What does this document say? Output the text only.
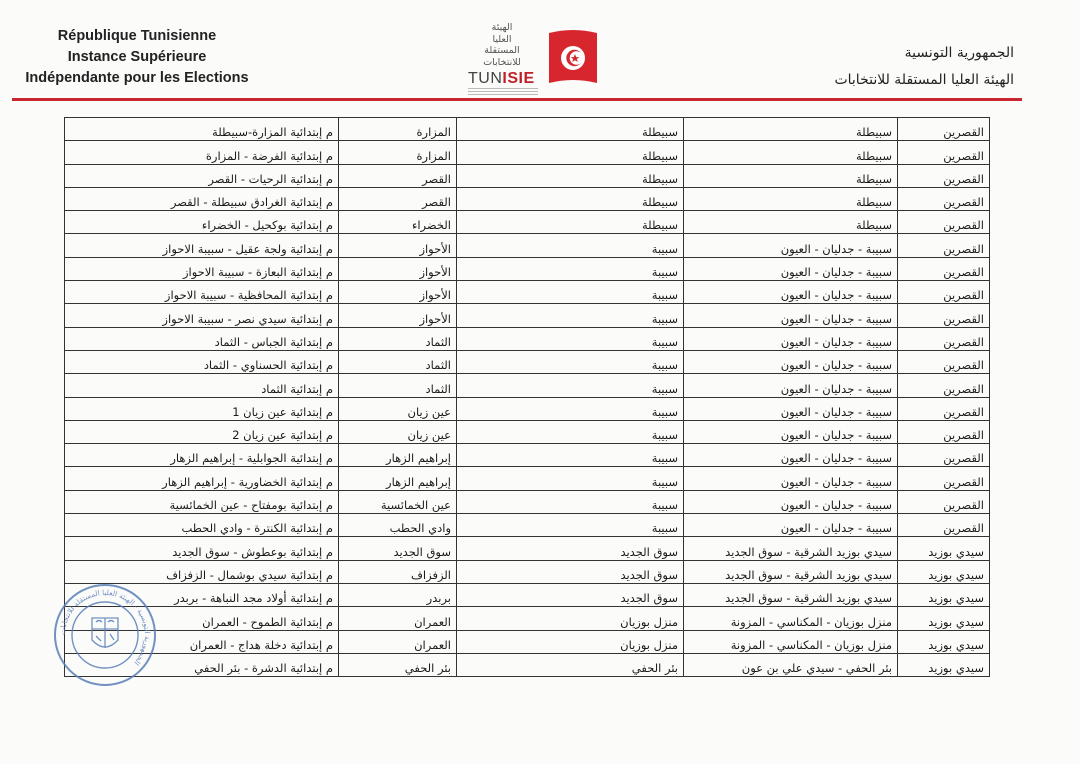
République Tunisienne
Instance Supérieure
Indépendante pour les Elections
الهيئة
العليا
المستقلة
للانتخابات
TUNISIE
الجمهورية التونسية
الهيئة العليا المستقلة للانتخابات
القصرين	سبيطلة	سبيطلة	المزارة	م إبتدائية المزارة-سبيطلة
القصرين	سبيطلة	سبيطلة	المزارة	م إبتدائية الفرضة - المزارة
القصرين	سبيطلة	سبيطلة	القصر	م إبتدائية الرحيات - القصر
القصرين	سبيطلة	سبيطلة	القصر	م إبتدائية الغرادق سبيطلة - القصر
القصرين	سبيطلة	سبيطلة	الخضراء	م إبتدائية بوكحيل - الخضراء
القصرين	سبيبة - جدليان - العيون	سبيبة	الأحواز	م إبتدائية ولجة عقيل - سبيبة الاحواز
القصرين	سبيبة - جدليان - العيون	سبيبة	الأحواز	م إبتدائية البعازة - سبيبة الاحواز
القصرين	سبيبة - جدليان - العيون	سبيبة	الأحواز	م إبتدائية المحافظية - سبيبة الاحواز
القصرين	سبيبة - جدليان - العيون	سبيبة	الأحواز	م إبتدائية سيدي نصر - سبيبة الاحواز
القصرين	سبيبة - جدليان - العيون	سبيبة	الثماد	م إبتدائية الجباس - الثماد
القصرين	سبيبة - جدليان - العيون	سبيبة	الثماد	م إبتدائية الحسناوي - الثماد
القصرين	سبيبة - جدليان - العيون	سبيبة	الثماد	م إبتدائية الثماد
القصرين	سبيبة - جدليان - العيون	سبيبة	عين زيان	م إبتدائية عين زيان 1
القصرين	سبيبة - جدليان - العيون	سبيبة	عين زيان	م إبتدائية عين زيان 2
القصرين	سبيبة - جدليان - العيون	سبيبة	إبراهيم الزهار	م إبتدائية الجوابلية - إبراهيم الزهار
القصرين	سبيبة - جدليان - العيون	سبيبة	إبراهيم الزهار	م إبتدائية الخضاورية - إبراهيم الزهار
القصرين	سبيبة - جدليان - العيون	سبيبة	عين الخمائسية	م إبتدائية بومفتاح - عين الخمائسية
القصرين	سبيبة - جدليان - العيون	سبيبة	وادي الحطب	م إبتدائية الكنترة - وادي الحطب
سيدي بوزيد	سيدي بوزيد الشرقية - سوق الجديد	سوق الجديد	سوق الجديد	م إبتدائية بوعطوش - سوق الجديد
سيدي بوزيد	سيدي بوزيد الشرقية - سوق الجديد	سوق الجديد	الزفزاف	م إبتدائية سيدي بوشمال - الزفزاف
سيدي بوزيد	سيدي بوزيد الشرقية - سوق الجديد	سوق الجديد	بربدر	م إبتدائية أولاد مجد النباهة - بربدر
سيدي بوزيد	منزل بوزيان - المكناسي - المزونة	منزل بوزيان	العمران	م إبتدائية الطموح - العمران
سيدي بوزيد	منزل بوزيان - المكناسي - المزونة	منزل بوزيان	العمران	م إبتدائية دخلة هداج - العمران
سيدي بوزيد	بئر الحفي - سيدي علي بن عون	بئر الحفي	بئر الحفي	م إبتدائية الدشرة - بئر الحفي
الجمهورية التونسية - الهيئة العليا المستقلة للانتخابات
